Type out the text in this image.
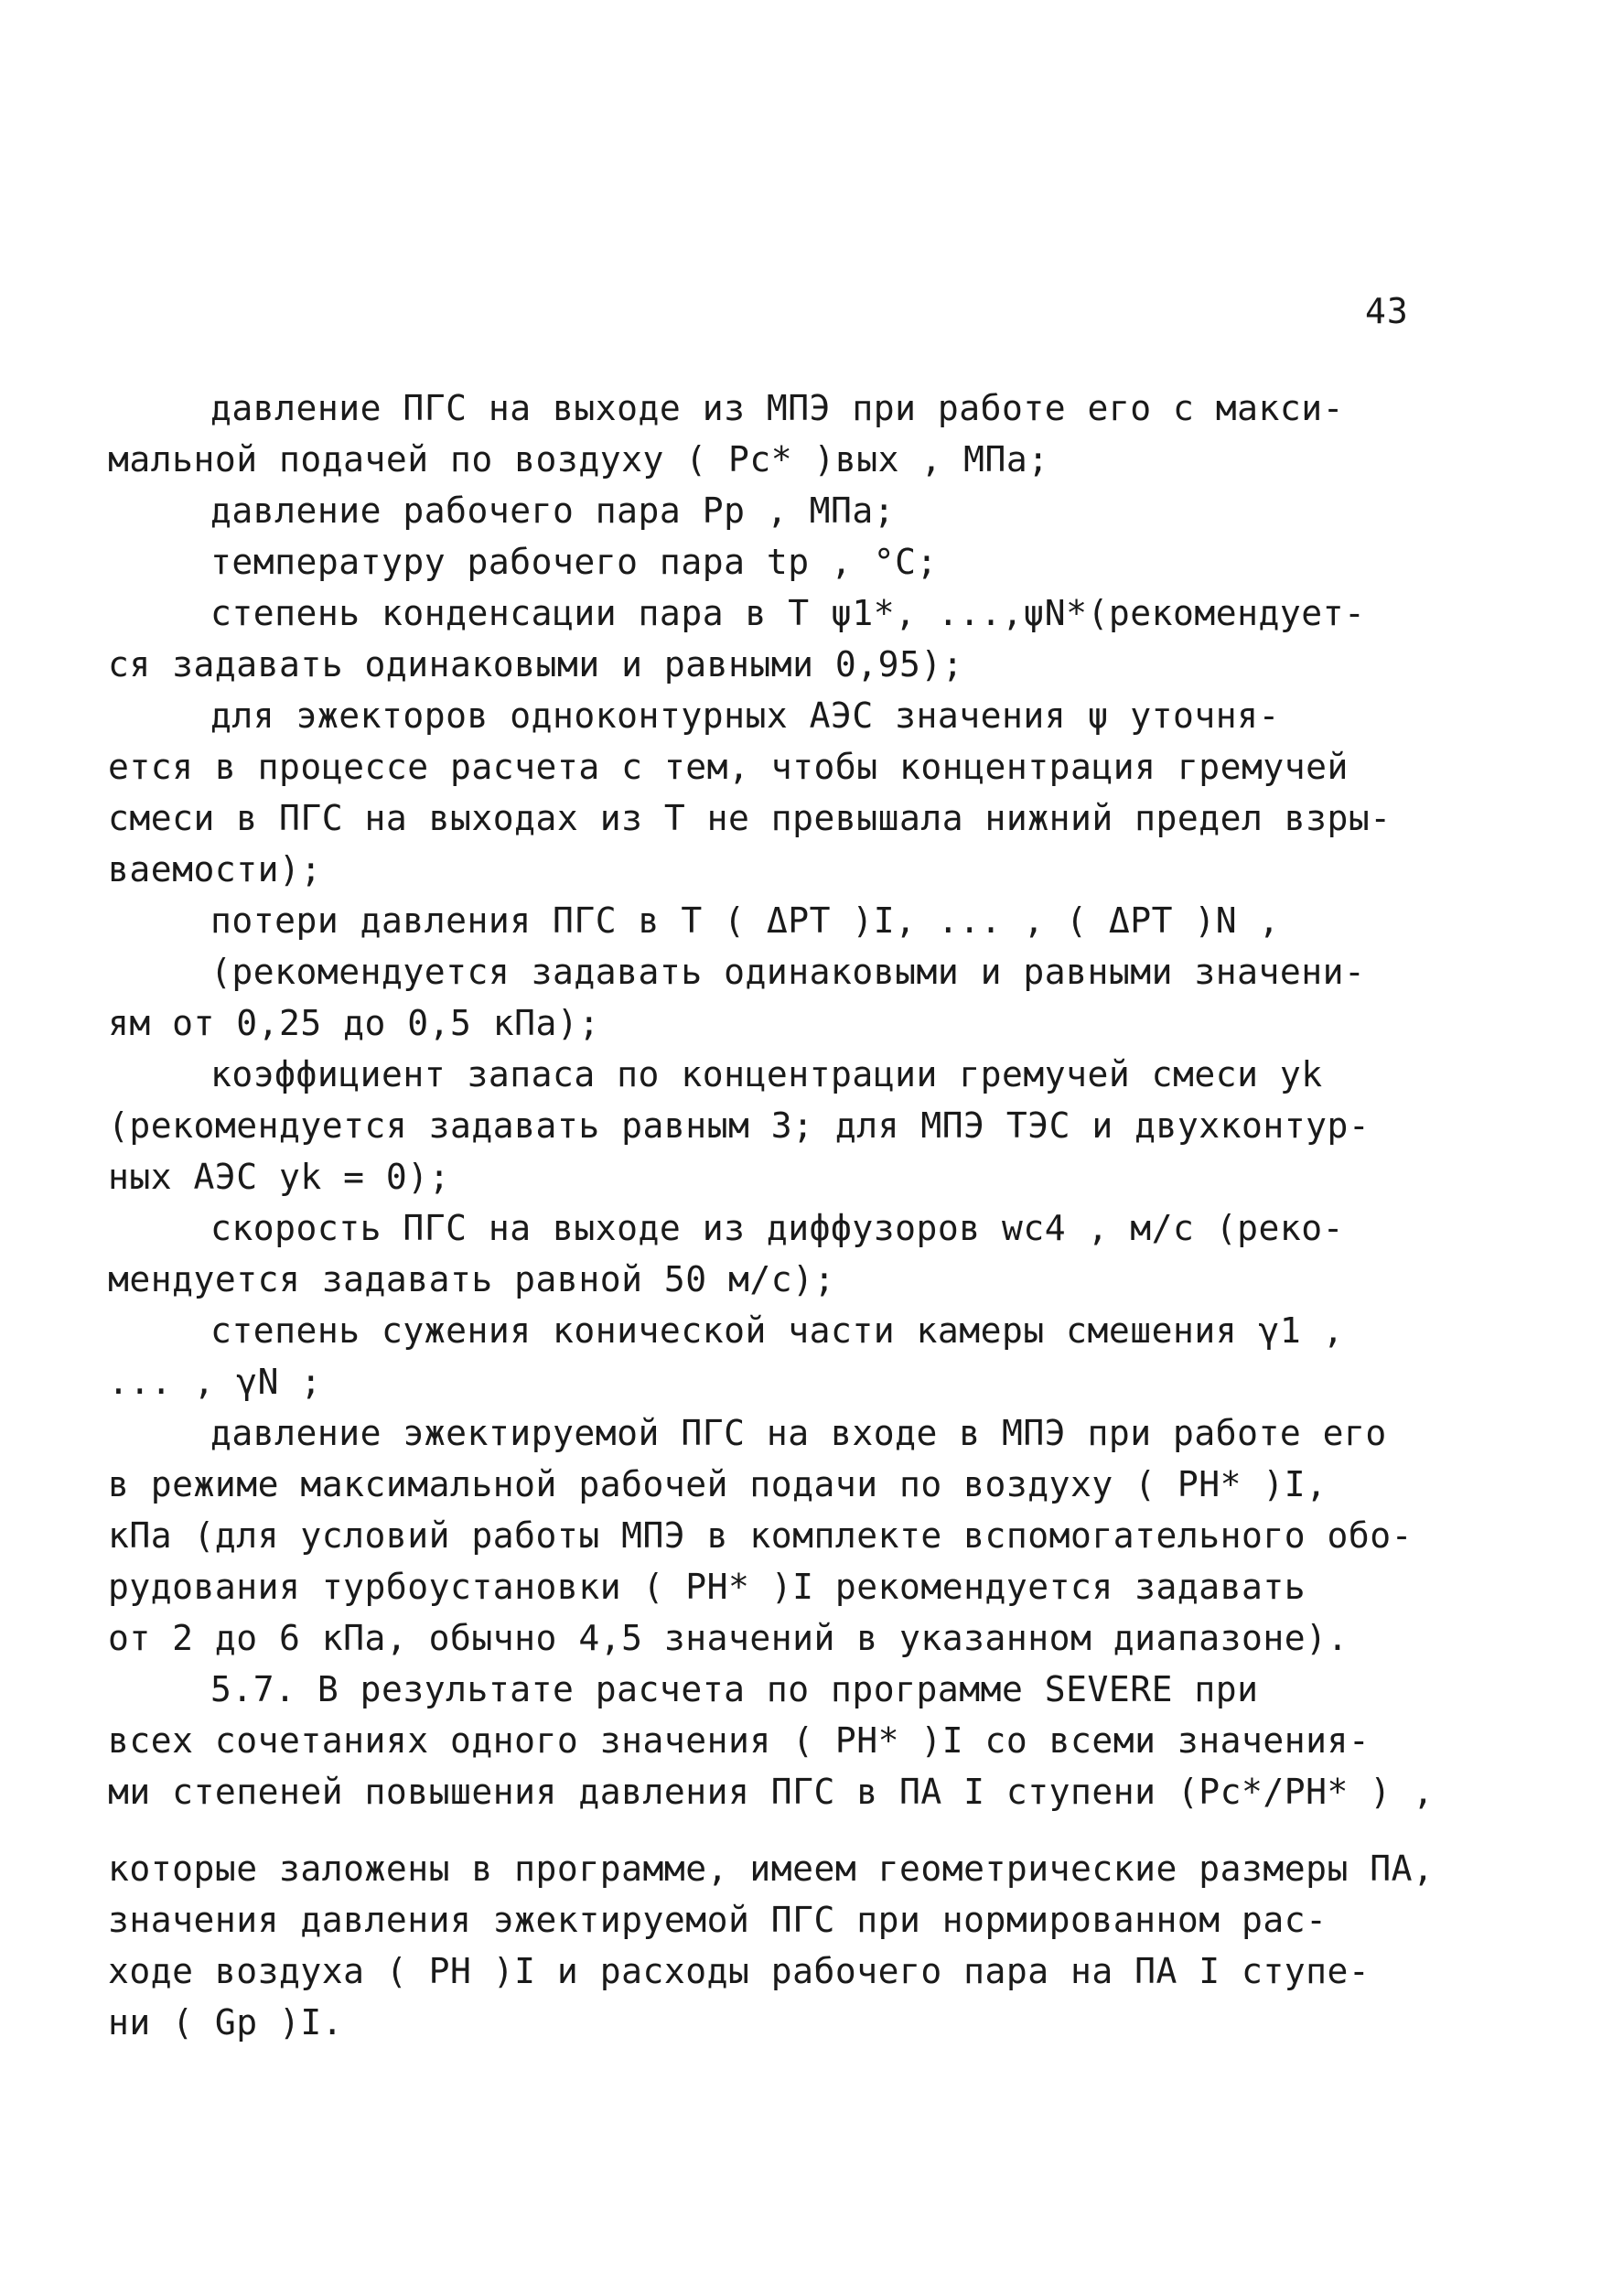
43
давление ПГС на выходе из МПЭ при работе его с макси-
мальной подачей по воздуху ( Pc* )вых , МПа;
давление рабочего пара Pp , МПа;
температуру рабочего пара tp , °C;
степень конденсации пара в Т ψ1*, ...,ψN*(рекомендует-
ся задавать одинаковыми и равными 0,95);
для эжекторов одноконтурных АЭС значения ψ уточня-
ется в процессе расчета с тем, чтобы концентрация гремучей
смеси в ПГС на выходах из Т не превышала нижний предел взры-
ваемости);
потери давления ПГС в Т ( ΔPT )I, ... , ( ΔPT )N ,
(рекомендуется задавать одинаковыми и равными значени-
ям от 0,25 до 0,5 кПа);
коэффициент запаса по концентрации гремучей смеси yk
(рекомендуется задавать равным 3; для МПЭ ТЭС и двухконтур-
ных АЭС yk = 0);
скорость ПГС на выходе из диффузоров wc4 , м/с (реко-
мендуется задавать равной 50 м/с);
степень сужения конической части камеры смешения γ1 ,
... , γN ;
давление эжектируемой ПГС на входе в МПЭ при работе его
в режиме максимальной рабочей подачи по воздуху ( PH* )I,
кПа (для условий работы МПЭ в комплекте вспомогательного обо-
рудования турбоустановки ( PH* )I рекомендуется задавать
от 2 до 6 кПа, обычно 4,5 значений в указанном диапазоне).
5.7. В результате расчета по программе SEVERE при
всех сочетаниях одного значения ( PH* )I со всеми значения-
ми степеней повышения давления ПГС в ПА I ступени (Pc*/PH* ) ,
которые заложены в программе, имеем геометрические размеры ПА,
значения давления эжектируемой ПГС при нормированном рас-
ходе воздуха ( PH )I и расходы рабочего пара на ПА I ступе-
ни ( Gp )I.
